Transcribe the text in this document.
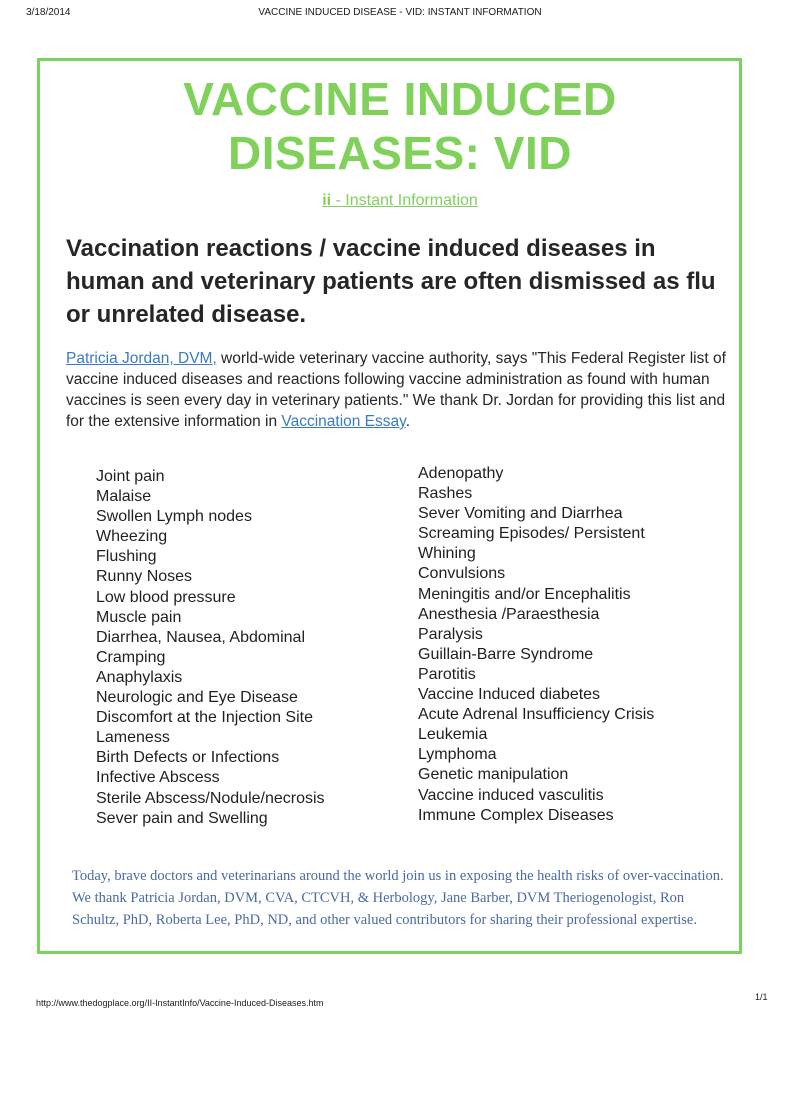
3/18/2014	VACCINE INDUCED DISEASE - VID: INSTANT INFORMATION
VACCINE INDUCED
DISEASES: VID
ii - Instant Information

Vaccination reactions / vaccine induced diseases in human and veterinary patients are often dismissed as flu or unrelated disease.

Patricia Jordan, DVM, world-wide veterinary vaccine authority, says "This Federal Register list of vaccine induced diseases and reactions following vaccine administration as found with human vaccines is seen every day in veterinary patients." We thank Dr. Jordan for providing this list and for the extensive information in Vaccination Essay.

Joint pain
Malaise
Swollen Lymph nodes
Wheezing
Flushing
Runny Noses
Low blood pressure
Muscle pain
Diarrhea, Nausea, Abdominal
Cramping
Anaphylaxis
Neurologic and Eye Disease
Discomfort at the Injection Site
Lameness
Birth Defects or Infections
Infective Abscess
Sterile Abscess/Nodule/necrosis
Sever pain and Swelling
Adenopathy
Rashes
Sever Vomiting and Diarrhea
Screaming Episodes/ Persistent
Whining
Convulsions
Meningitis and/or Encephalitis
Anesthesia /Paraesthesia
Paralysis
Guillain-Barre Syndrome
Parotitis
Vaccine Induced diabetes
Acute Adrenal Insufficiency Crisis
Leukemia
Lymphoma
Genetic manipulation
Vaccine induced vasculitis
Immune Complex Diseases

Today, brave doctors and veterinarians around the world join us in exposing the health risks of over-vaccination. We thank Patricia Jordan, DVM, CVA, CTCVH, & Herbology, Jane Barber, DVM Theriogenologist, Ron Schultz, PhD, Roberta Lee, PhD, ND, and other valued contributors for sharing their professional expertise.

http://www.thedogplace.org/II-InstantInfo/Vaccine-Induced-Diseases.htm
1/1
